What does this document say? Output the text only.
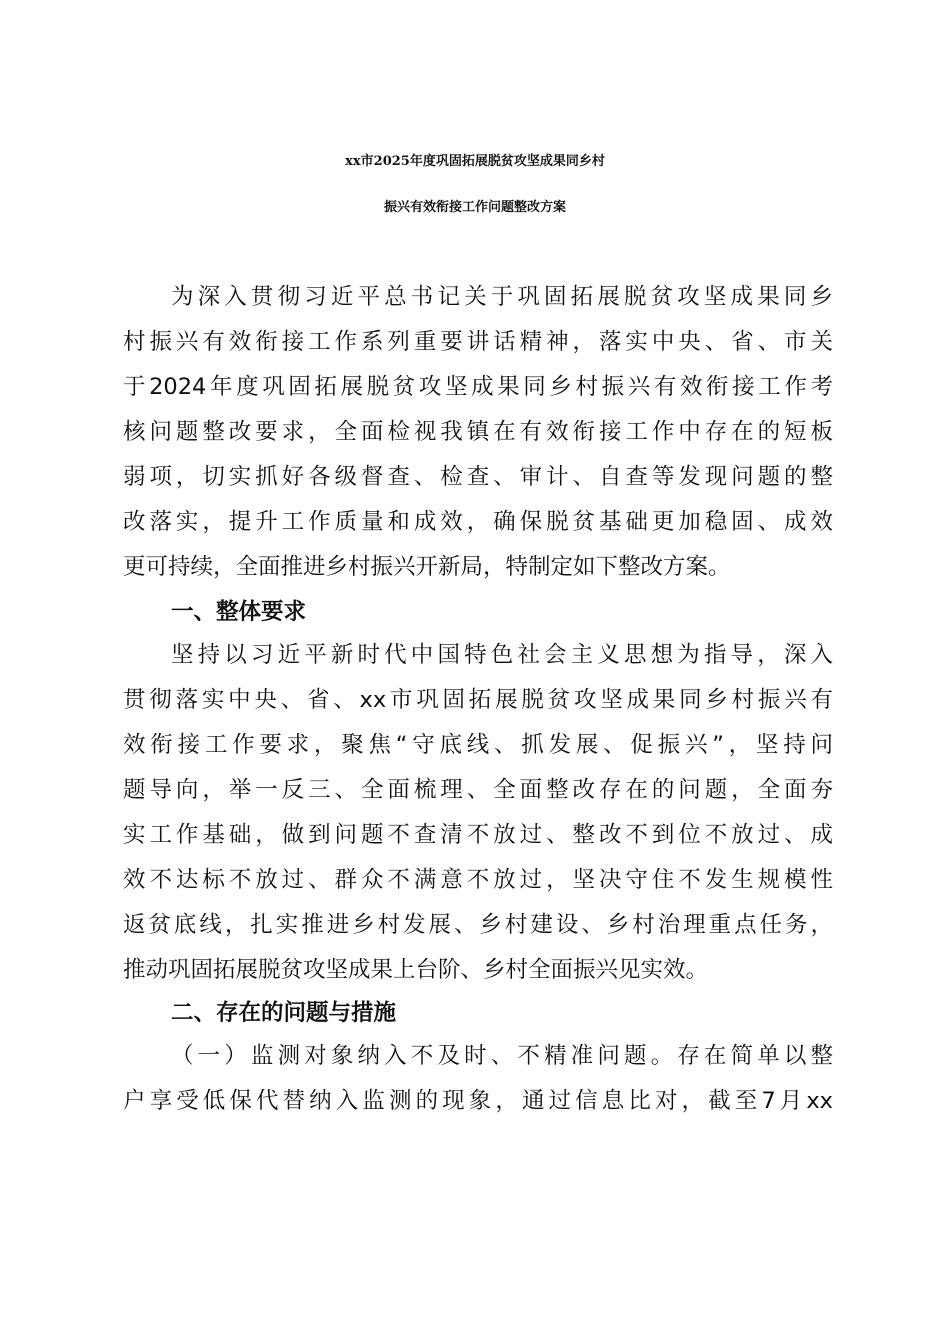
xx市2025年度巩固拓展脱贫攻坚成果同乡村
振兴有效衔接工作问题整改方案
为深入贯彻习近平总书记关于巩固拓展脱贫攻坚成果同乡
村振兴有效衔接工作系列重要讲话精神，落实中央、省、市关
于2024年度巩固拓展脱贫攻坚成果同乡村振兴有效衔接工作考
核问题整改要求，全面检视我镇在有效衔接工作中存在的短板
弱项，切实抓好各级督查、检查、审计、自查等发现问题的整
改落实，提升工作质量和成效，确保脱贫基础更加稳固、成效
更可持续，全面推进乡村振兴开新局，特制定如下整改方案。
一、整体要求
坚持以习近平新时代中国特色社会主义思想为指导，深入
贯彻落实中央、省、xx市巩固拓展脱贫攻坚成果同乡村振兴有
效衔接工作要求，聚焦“守底线、抓发展、促振兴”，坚持问
题导向，举一反三、全面梳理、全面整改存在的问题，全面夯
实工作基础，做到问题不查清不放过、整改不到位不放过、成
效不达标不放过、群众不满意不放过，坚决守住不发生规模性
返贫底线，扎实推进乡村发展、乡村建设、乡村治理重点任务，
推动巩固拓展脱贫攻坚成果上台阶、乡村全面振兴见实效。
二、存在的问题与措施
（一）监测对象纳入不及时、不精准问题。存在简单以整
户享受低保代替纳入监测的现象，通过信息比对，截至7月xx
